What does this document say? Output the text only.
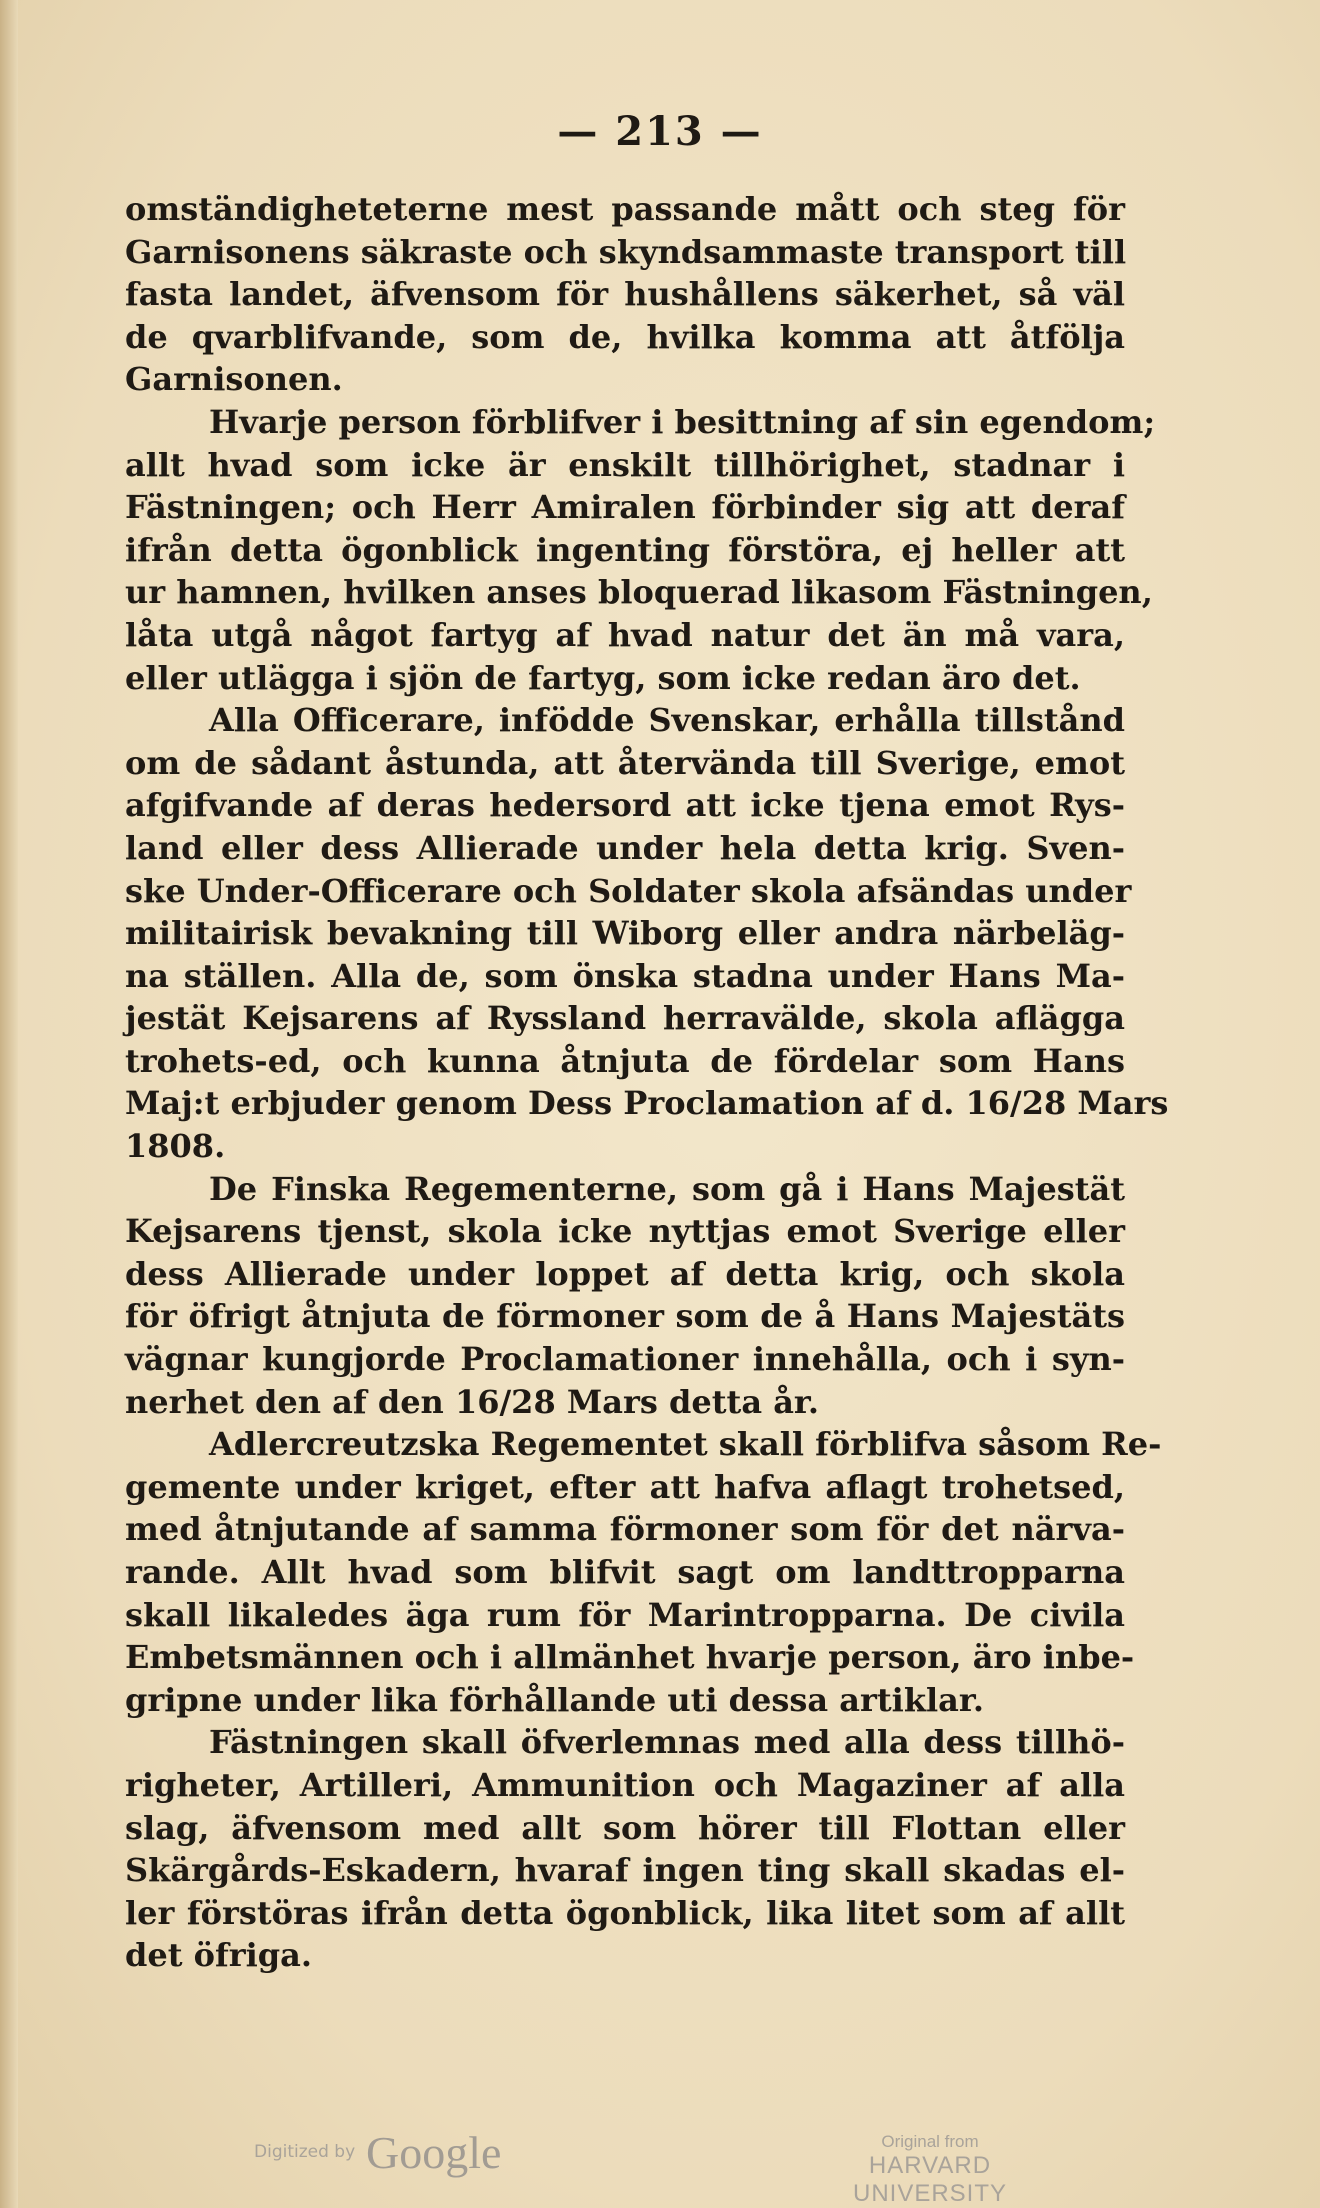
— 213 —
omständigheteterne mest passande mått och steg för
Garnisonens säkraste och skyndsammaste transport till
fasta landet, äfvensom för hushållens säkerhet, så väl
de qvarblifvande, som de, hvilka komma att åtfölja
Garnisonen.
Hvarje person förblifver i besittning af sin egendom;
allt hvad som icke är enskilt tillhörighet, stadnar i
Fästningen; och Herr Amiralen förbinder sig att deraf
ifrån detta ögonblick ingenting förstöra, ej heller att
ur hamnen, hvilken anses bloquerad likasom Fästningen,
låta utgå något fartyg af hvad natur det än må vara,
eller utlägga i sjön de fartyg, som icke redan äro det.
Alla Officerare, infödde Svenskar, erhålla tillstånd
om de sådant åstunda, att återvända till Sverige, emot
afgifvande af deras hedersord att icke tjena emot Rys-
land eller dess Allierade under hela detta krig. Sven-
ske Under-Officerare och Soldater skola afsändas under
militairisk bevakning till Wiborg eller andra närbeläg-
na ställen. Alla de, som önska stadna under Hans Ma-
jestät Kejsarens af Ryssland herravälde, skola aflägga
trohets-ed, och kunna åtnjuta de fördelar som Hans
Maj:t erbjuder genom Dess Proclamation af d. 16/28 Mars
1808.
De Finska Regementerne, som gå i Hans Majestät
Kejsarens tjenst, skola icke nyttjas emot Sverige eller
dess Allierade under loppet af detta krig, och skola
för öfrigt åtnjuta de förmoner som de å Hans Majestäts
vägnar kungjorde Proclamationer innehålla, och i syn-
nerhet den af den 16/28 Mars detta år.
Adlercreutzska Regementet skall förblifva såsom Re-
gemente under kriget, efter att hafva aflagt trohetsed,
med åtnjutande af samma förmoner som för det närva-
rande. Allt hvad som blifvit sagt om landttropparna
skall likaledes äga rum för Marintropparna. De civila
Embetsmännen och i allmänhet hvarje person, äro inbe-
gripne under lika förhållande uti dessa artiklar.
Fästningen skall öfverlemnas med alla dess tillhö-
righeter, Artilleri, Ammunition och Magaziner af alla
slag, äfvensom med allt som hörer till Flottan eller
Skärgårds-Eskadern, hvaraf ingen ting skall skadas el-
ler förstöras ifrån detta ögonblick, lika litet som af allt
det öfriga.
Digitized by Google	Original from
HARVARD UNIVERSITY
